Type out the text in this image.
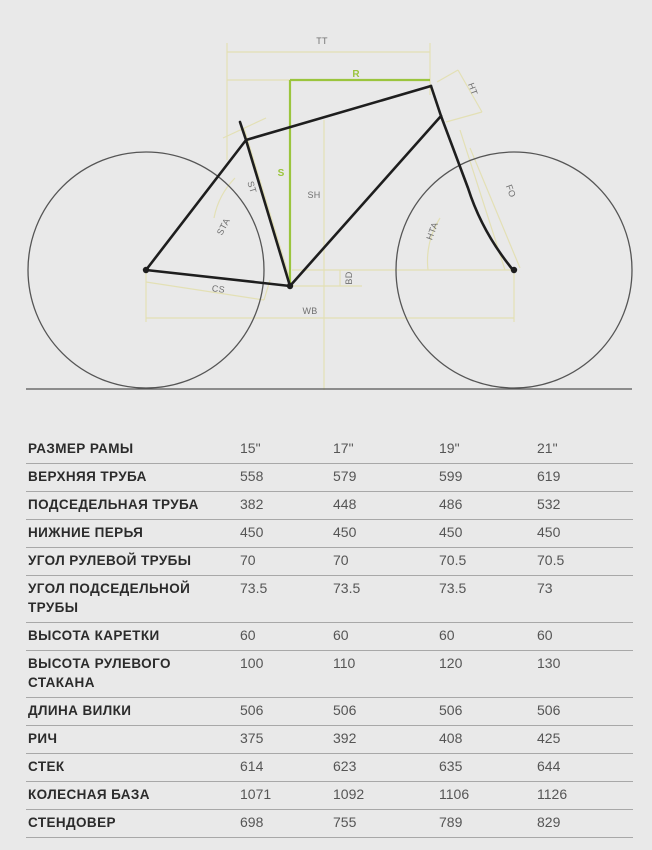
TT
R
HT
ST
S
SH
STA	HTA
FO
BD
CS
WB
РАЗМЕР РАМЫ	15"	17"	19"	21"
ВЕРХНЯЯ ТРУБА	558	579	599	619
ПОДСЕДЕЛЬНАЯ ТРУБА	382	448	486	532
НИЖНИЕ ПЕРЬЯ	450	450	450	450
УГОЛ РУЛЕВОЙ ТРУБЫ	70	70	70.5	70.5
УГОЛ ПОДСЕДЕЛЬНОЙ ТРУБЫ	73.5	73.5	73.5	73
ВЫСОТА КАРЕТКИ	60	60	60	60
ВЫСОТА РУЛЕВОГО СТАКАНА	100	110	120	130
ДЛИНА ВИЛКИ	506	506	506	506
РИЧ	375	392	408	425
СТЕК	614	623	635	644
КОЛЕСНАЯ БАЗА	1071	1092	1106	1126
СТЕНДОВЕР	698	755	789	829
